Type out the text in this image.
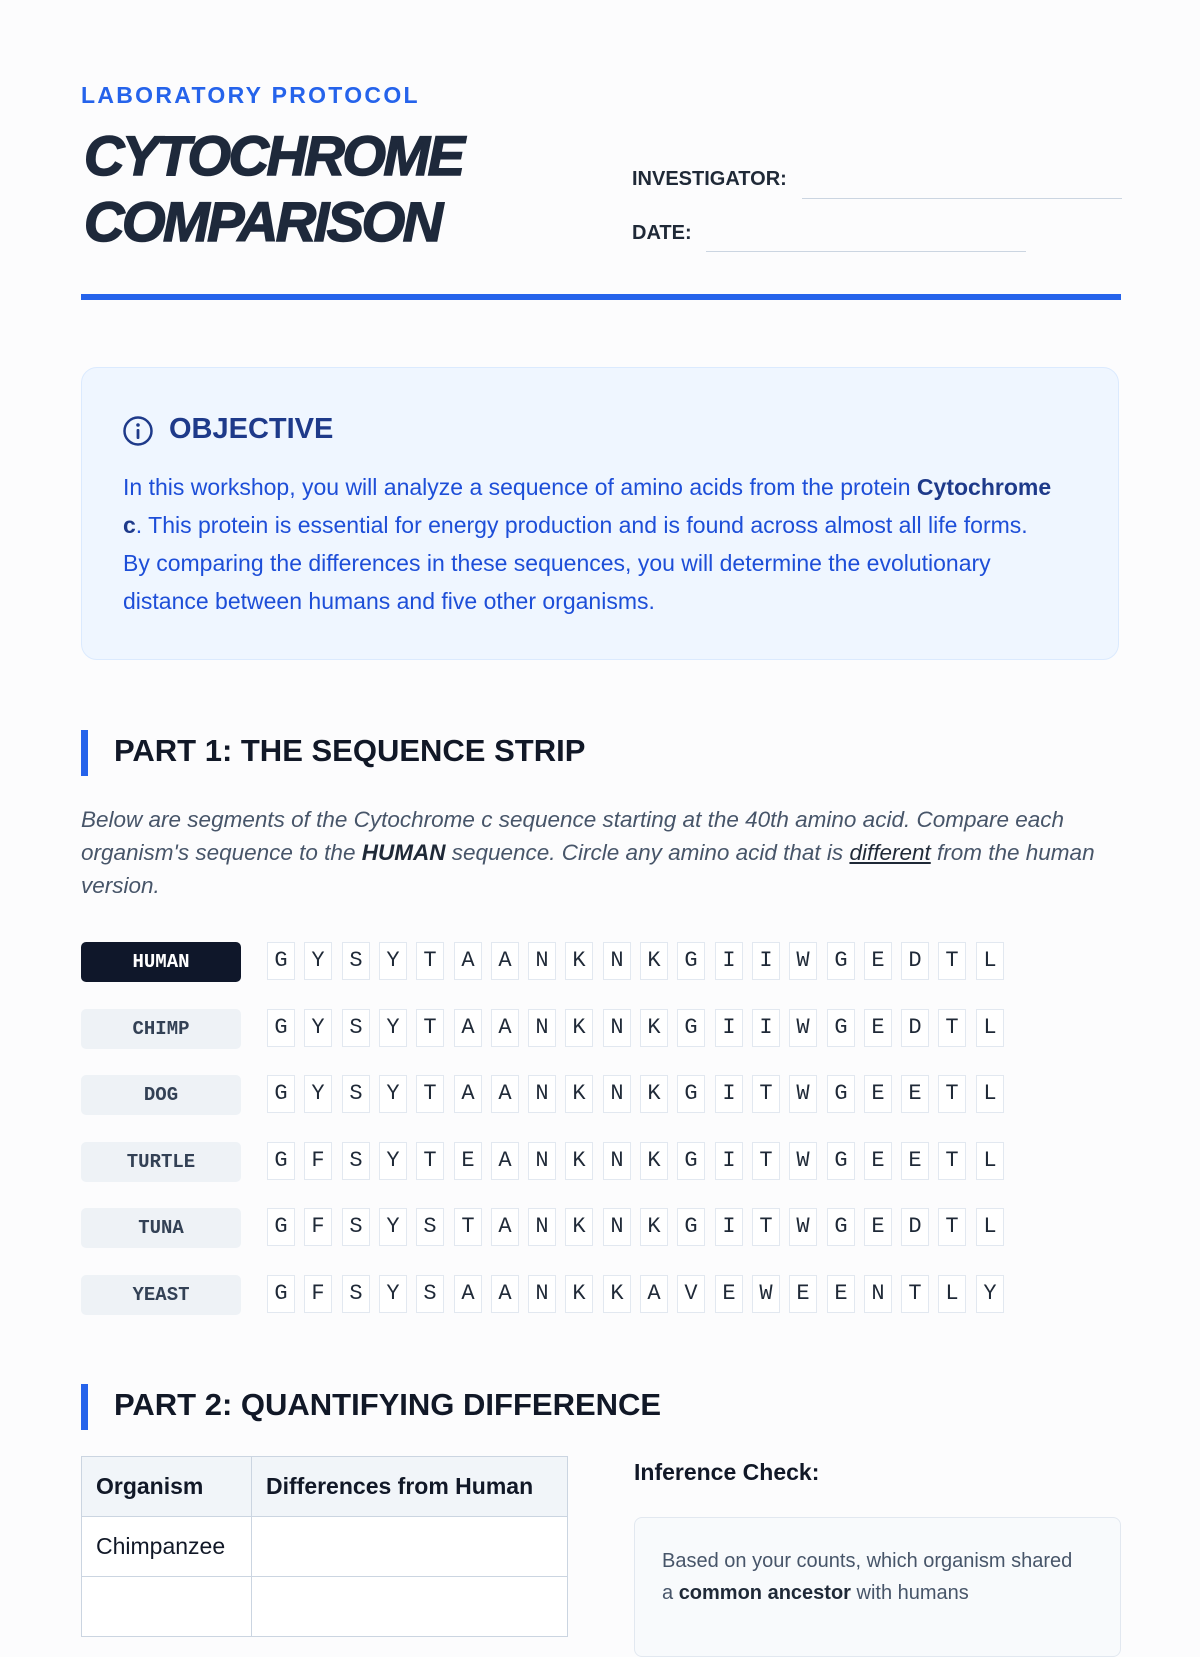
LABORATORY PROTOCOL
CYTOCHROME
COMPARISON
INVESTIGATOR:
DATE:
OBJECTIVE
In this workshop, you will analyze a sequence of amino acids from the protein Cytochrome c. This protein is essential for energy production and is found across almost all life forms. By comparing the differences in these sequences, you will determine the evolutionary distance between humans and five other organisms.
PART 1: THE SEQUENCE STRIP
Below are segments of the Cytochrome c sequence starting at the 40th amino acid. Compare each organism's sequence to the HUMAN sequence. Circle any amino acid that is different from the human version.
HUMAN	G	Y	S	Y	T	A	A	N	K	N	K	G	I	I	W	G	E	D	T	L
CHIMP	G	Y	S	Y	T	A	A	N	K	N	K	G	I	I	W	G	E	D	T	L
DOG	G	Y	S	Y	T	A	A	N	K	N	K	G	I	T	W	G	E	E	T	L
TURTLE	G	F	S	Y	T	E	A	N	K	N	K	G	I	T	W	G	E	E	T	L
TUNA	G	F	S	Y	S	T	A	N	K	N	K	G	I	T	W	G	E	D	T	L
YEAST	G	F	S	Y	S	A	A	N	K	K	A	V	E	W	E	E	N	T	L	Y
PART 2: QUANTIFYING DIFFERENCE
Organism	Differences from Human
Chimpanzee	

Inference Check:
Based on your counts, which organism shared a common ancestor with humans
